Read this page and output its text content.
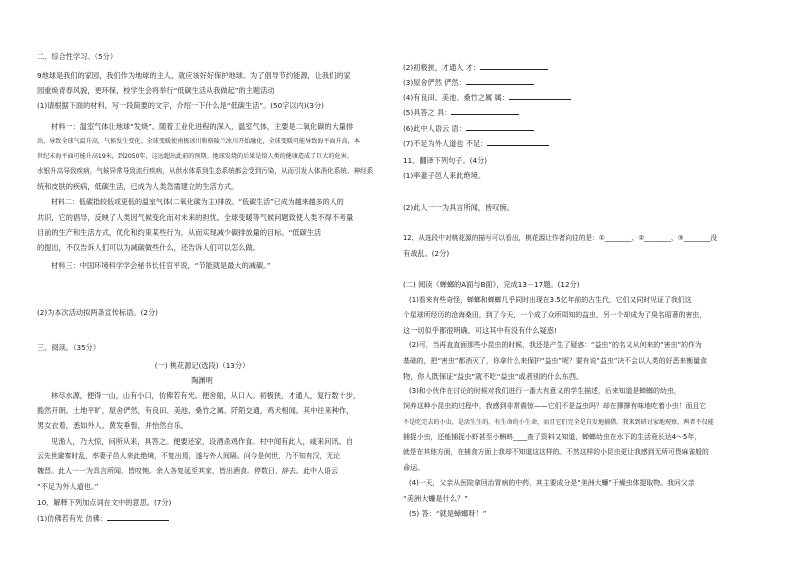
二、综合性学习。（5分）
9地球是我们的家园，我们作为地球的主人，就应该好好保护地球。为了倡导节约能源，让我们的家
园重焕青春风貌，更环保，校学生会将举行“低碳生活从我做起”的主题活动
(1)请根据下面的材料，写一段简要的文字，介绍一下什么是“低碳生活”。(50字以内)(3分)
材料一：温室气体让地球“发烧”。随着工业化进程的深入，温室气体，主要是二氧化碳的大量排
出，导致全球气温升高，气候发生变化。全球变暖使南极冰川和格陵兰冰川开始融化，全球变暖可能导致海平面升高，本
世纪末海平面可能升高19米，到2050年，这远超出此前的预期。地球发烧的后果是给人类的健康造成了巨大的危害。
水银升高导致疾病，气候异常导致流行疾病，从供水体系到生态系统都会受到污染，从而引发人体消化系统、神经系
统和皮肤的疾病，低碳生活，已成为人类急需建立的生活方式。
材料二：低碳指较低或更低的温室气体(二氧化碳为主)排放。“低碳生活”已成为越来越多的人的
共识，它的倡导，反映了人类因气候变化而对未来的担忧。全球变暖等气候问题致使人类不得不考量
目前的生产和生活方式，优化和约束某些行为，从而实现减少碳排放量的目标。“低碳生活
的提出，不仅告诉人们可以为减碳做些什么，还告诉人们可以怎么做。
材料三：中国环境科学学会秘书长任官平说，“节能就是最大的减碳。”
(2)为本次活动拟两条宣传标语。(2分)
三、阅读。（35分）
(一) 桃花源记(选段)（13分）
陶渊明
林尽水源，便得一山，山有小口，仿佛若有光。便舍船，从口入。初极狭，才通人，复行数十步，
豁然开朗。土地平旷，屋舍俨然，有良田、美池、桑竹之属。阡陌交通，鸡犬相闻。其中往来种作，
男女衣着，悉如外人。黄发垂髫，并怡然自乐。
见渔人，乃大惊，问所从来，具答之。便要还家，设酒杀鸡作食。村中闻有此人，咸来问讯。自
云先世避秦时乱，率妻子邑人来此绝境，不复出焉，遂与外人间隔。问今是何世，乃不知有汉，无论
魏晋。此人一一为具言所闻，皆叹惋。余人各复延至其家，皆出酒食。停数日，辞去。此中人语云
“不足为外人道也。”
10、解释下列加点词在文中的意思。(7分)
(1)仿佛若有光 仿佛：
(2)初极狭，才通人 才：
(3)屋舍俨然 俨然：
(4)有良田、美池、桑竹之属 属：
(5)具答之 具：
(6)此中人语云 语：
(7)不足为外人道也 不足：
11、翻译下列句子。(4分)
(1)率妻子邑人来此绝境。
(2)此人一一为具言所闻，皆叹惋。
12、从选段中对桃花源的描写可以看出，桃花源让作者向往的是：①________、②________、③________没
有战乱。(2分)
(二) 阅读《蝉螂的A面与B面》，完成13－17题。(12分)
(1)看来有些奇怪，蝉螂和蝉螂几乎同时出现在3.5亿年前的古生代，它们又同时见证了我们这
个星球所经历的沧海桑田，到了今天，一个成了众所周知的益虫，另一个却成为了臭名昭著的害虫，
这一切似乎都很明确，可这其中有没有什么疑惑!
(2)可，当再直直面那些小昆虫的时候，我还是产生了疑惑：“益虫”的名义从何来的“害虫”的作为
基础的，把“害虫”都消灭了，你拿什么来保护“益虫”呢？要有说“益虫”决不会以人类的好恶来衡量食
物，你人既保证“益虫”就不吃“益虫”或者别的什么东西。
(3)和小伙伴在讨论的时候对我们进行一番大有意义的学生描述，后来知道是蝉螂的幼虫，
饲养这种小昆虫的过程中，我感到非常震惊——它们不是益虫吗？却在撑撑有味地吃着小虫！而且它
不是吃完去的小虫，是活生生的、有生命的小生命，而且它们完全是自发地捕猎。我来到研讨家地观察，两者不仅能
捕捉小虫，还能捕捉小虾甚至小蝌蚪____查了资料又知道，蝉螂幼虫在水下的生活竟长达4～5年，
就是在其他方面，在捕食方面上我却不知道这这样的。不然这样的小昆虫更让我感到无所可畏麻雀般的
命运。
(4)一天，父亲从医院拿回治胃病的中药，其主要成分是“美洲大蠊”干燥虫体提取物。我问父亲
“美洲大蠊是什么？”
(5) 答：“就是蟑螂呀！”
